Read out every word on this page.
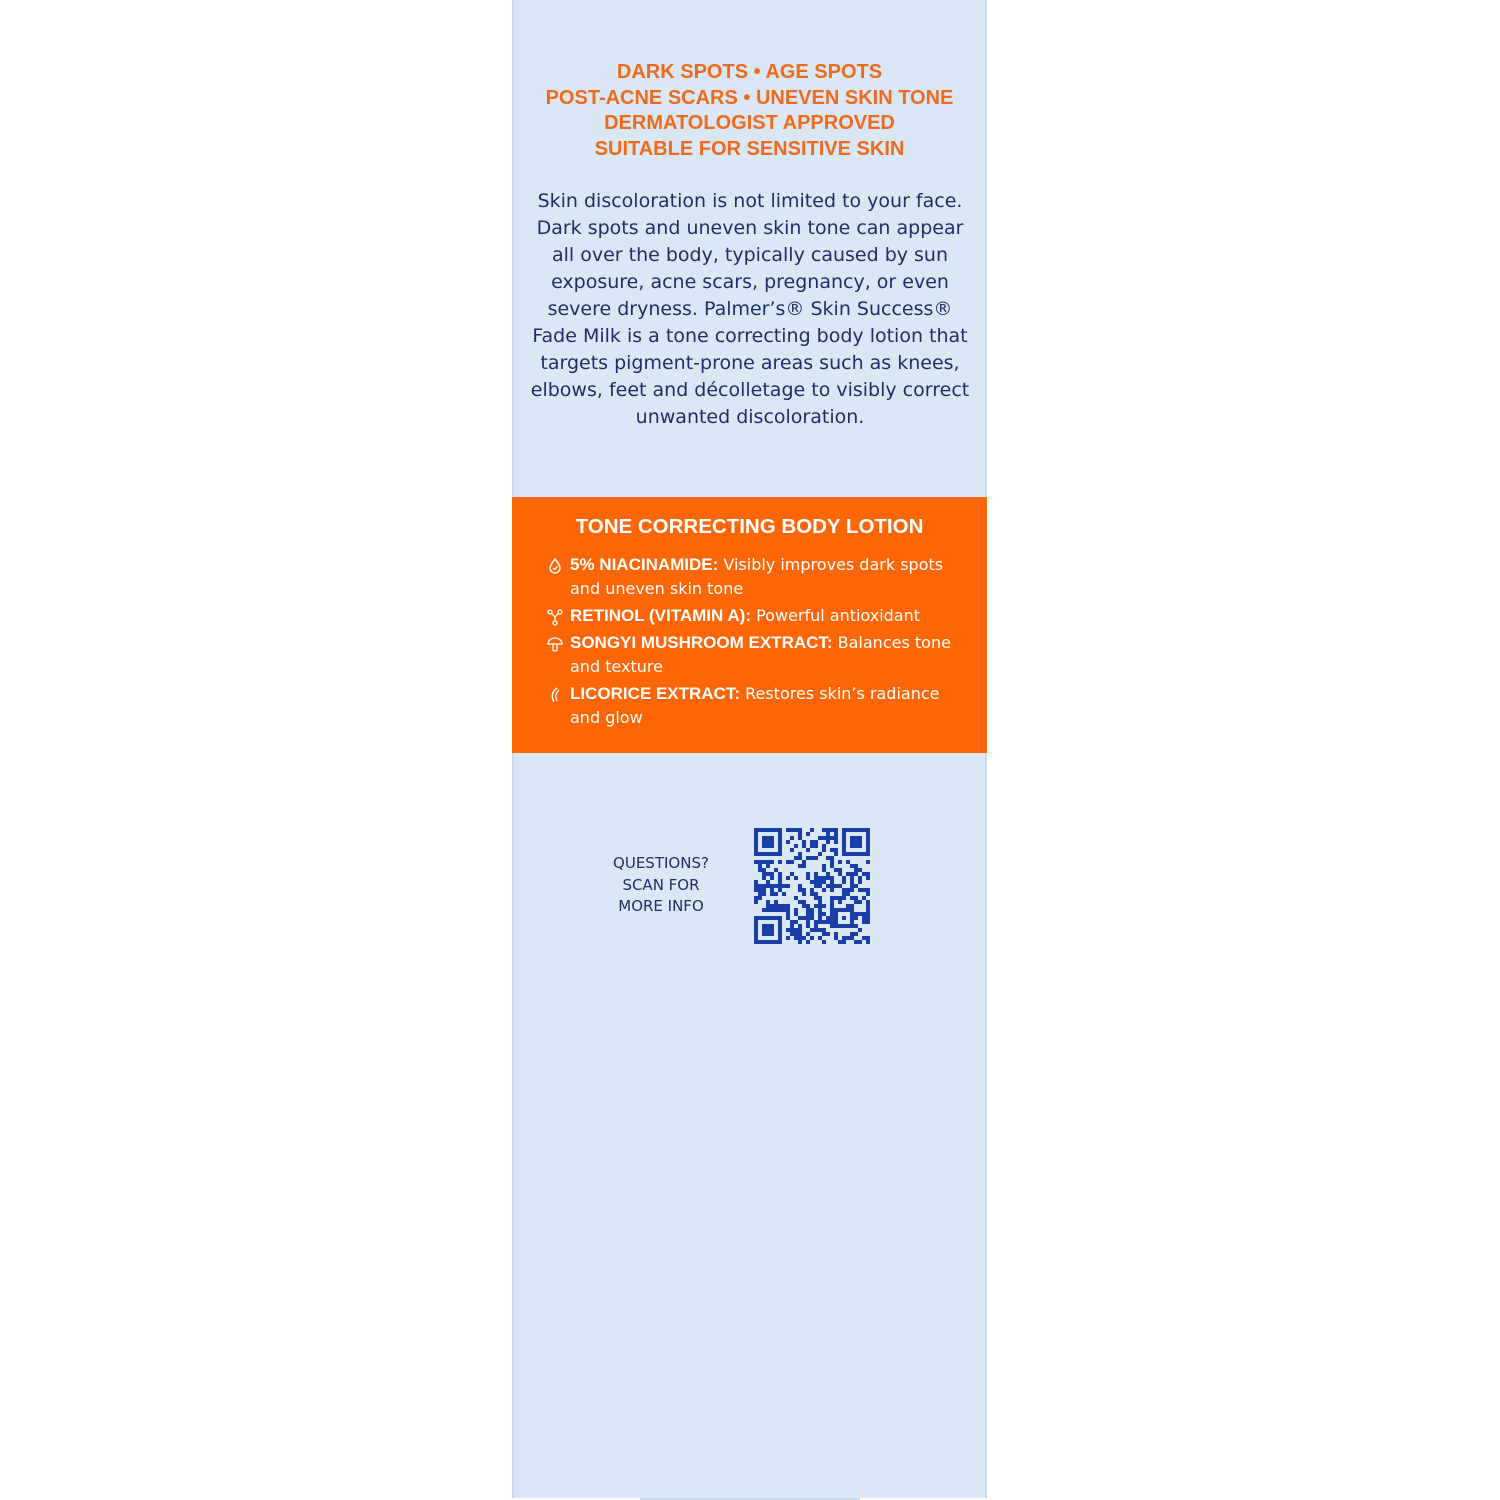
DARK SPOTS • AGE SPOTS
POST-ACNE SCARS • UNEVEN SKIN TONE
DERMATOLOGIST APPROVED
SUITABLE FOR SENSITIVE SKIN

Skin discoloration is not limited to your face. Dark spots and uneven skin tone can appear all over the body, typically caused by sun exposure, acne scars, pregnancy, or even severe dryness. Palmer’s® Skin Success® Fade Milk is a tone correcting body lotion that targets pigment-prone areas such as knees, elbows, feet and décolletage to visibly correct unwanted discoloration.

TONE CORRECTING BODY LOTION
5% NIACINAMIDE: Visibly improves dark spots and uneven skin tone
RETINOL (VITAMIN A): Powerful antioxidant
SONGYI MUSHROOM EXTRACT: Balances tone and texture
LICORICE EXTRACT: Restores skin’s radiance and glow

QUESTIONS?
SCAN FOR
MORE INFO
